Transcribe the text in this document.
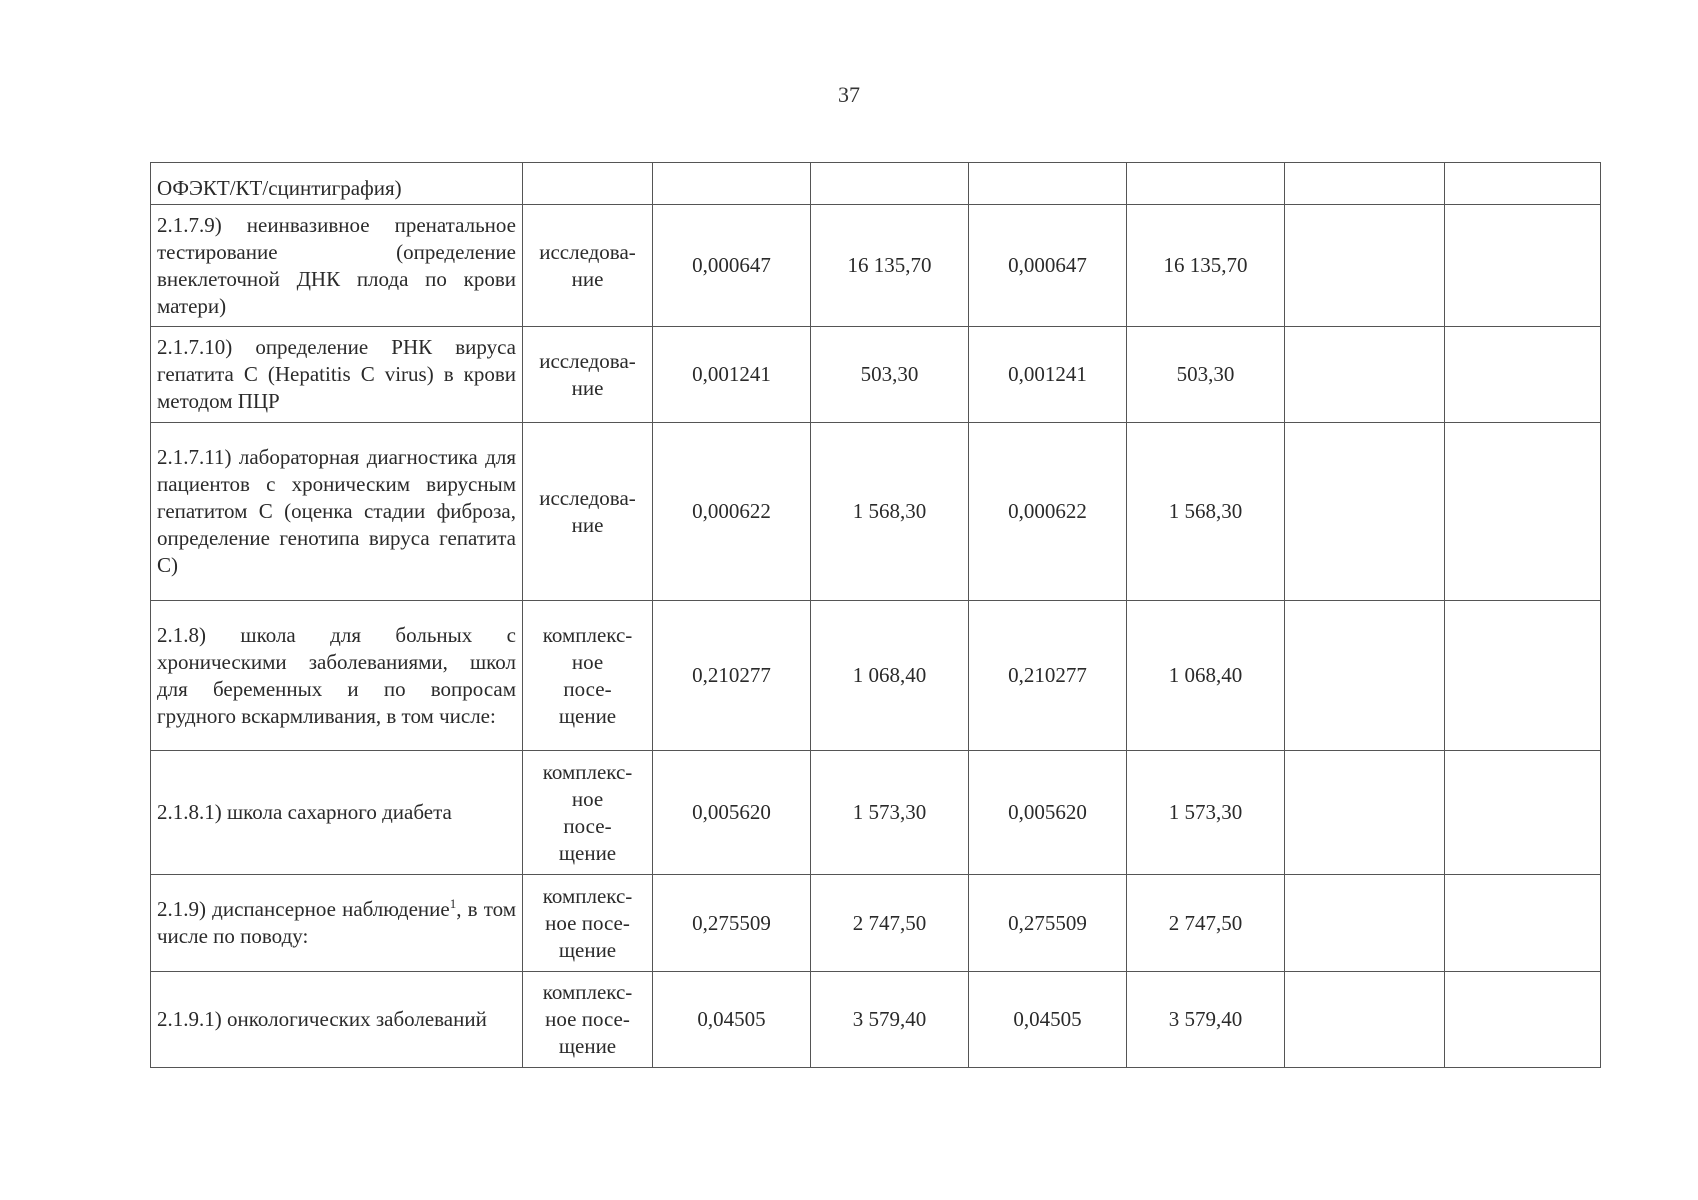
37
ОФЭКТ/КТ/сцинтиграфия)							
2.1.7.9) неинвазивное пренатальное тестирование (определение внеклеточной ДНК плода по крови матери)	исследова-
ние	0,000647	16 135,70	0,000647	16 135,70		
2.1.7.10) определение РНК вируса гепатита С (Hepatitis C virus) в крови методом ПЦР	исследова-
ние	0,001241	503,30	0,001241	503,30		
2.1.7.11) лабораторная диагностика для пациентов с хроническим вирусным гепатитом С (оценка стадии фиброза, определение генотипа вируса гепатита С)	исследова-
ние	0,000622	1 568,30	0,000622	1 568,30		
2.1.8) школа для больных с хроническими заболеваниями, школ для беременных и по вопросам грудного вскармливания, в том числе:	комплекс-
ное
посе-
щение	0,210277	1 068,40	0,210277	1 068,40		
2.1.8.1) школа сахарного диабета	комплекс-
ное
посе-
щение	0,005620	1 573,30	0,005620	1 573,30		
2.1.9) диспансерное наблюдение$^1$, в том числе по поводу:	комплекс-
ное посе-
щение	0,275509	2 747,50	0,275509	2 747,50		
2.1.9.1) онкологических заболеваний	комплекс-
ное посе-
щение	0,04505	3 579,40	0,04505	3 579,40		
